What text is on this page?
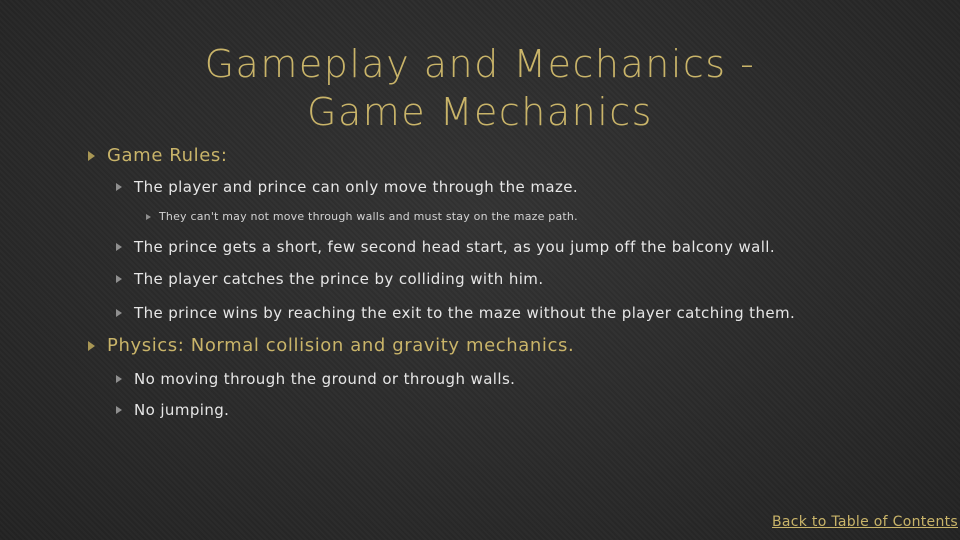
Gameplay and Mechanics - Game Mechanics
Game Rules:
The player and prince can only move through the maze.
They can't may not move through walls and must stay on the maze path.
The prince gets a short, few second head start, as you jump off the balcony wall.
The player catches the prince by colliding with him.
The prince wins by reaching the exit to the maze without the player catching them.
Physics: Normal collision and gravity mechanics.
No moving through the ground or through walls.
No jumping.
Back to Table of Contents
